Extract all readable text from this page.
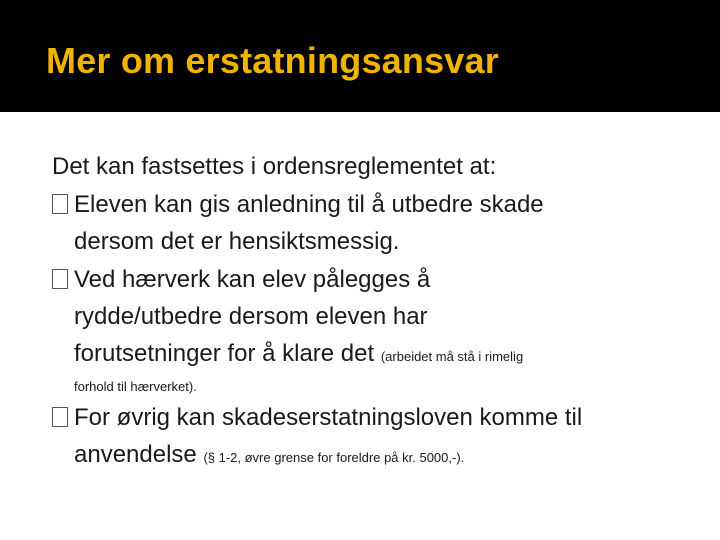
Mer om erstatningsansvar
Det kan fastsettes i ordensreglementet at:
Eleven kan gis anledning til å utbedre skade
dersom det er hensiktsmessig.
Ved hærverk kan elev pålegges å
rydde/utbedre dersom eleven har
forutsetninger for å klare det (arbeidet må stå i rimelig
forhold til hærverket).
For øvrig kan skadeserstatningsloven komme til
anvendelse (§ 1-2, øvre grense for foreldre på kr. 5000,-).
